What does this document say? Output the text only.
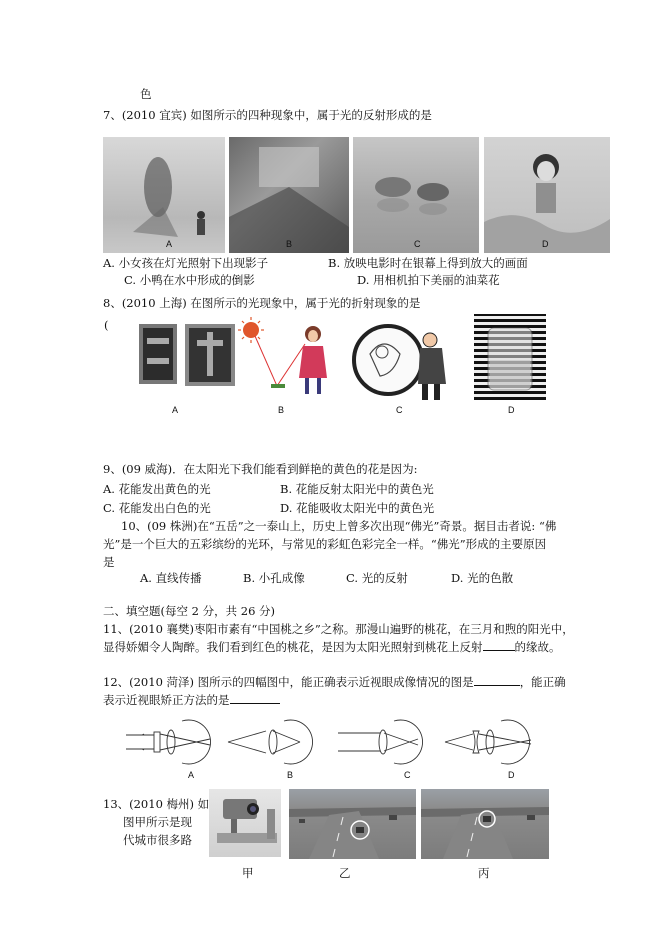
色
7、(2010 宜宾) 如图所示的四种现象中，属于光的反射形成的是
A	B	C	D
A. 小女孩在灯光照射下出现影子	B. 放映电影时在银幕上得到放大的画面
C. 小鸭在水中形成的倒影	D. 用相机拍下美丽的油菜花
8、(2010 上海) 在图所示的光现象中，属于光的折射现象的是
(
A	B	C	D
9、(09 威海)．在太阳光下我们能看到鲜艳的黄色的花是因为:
A. 花能发出黄色的光	B. 花能反射太阳光中的黄色光
C. 花能发出白色的光	D. 花能吸收太阳光中的黄色光
10、(09 株洲)在“五岳”之一泰山上，历史上曾多次出现“佛光”奇景。据目击者说: “佛
光”是一个巨大的五彩缤纷的光环，与常见的彩虹色彩完全一样。“佛光”形成的主要原因
是
A. 直线传播	B. 小孔成像	C. 光的反射	D. 光的色散
二、填空题(每空 2 分，共 26 分)
11、(2010 襄樊)枣阳市素有“中国桃之乡”之称。那漫山遍野的桃花，在三月和煦的阳光中，
显得娇媚令人陶醉。我们看到红色的桃花，是因为太阳光照射到桃花上反射	的缘故。
12、(2010 菏泽) 图所示的四幅图中，能正确表示近视眼成像情况的图是	，能正确
表示近视眼矫正方法的是
A	B	C	D
13、(2010 梅州) 如
图甲所示是现
代城市很多路
甲	乙	丙
